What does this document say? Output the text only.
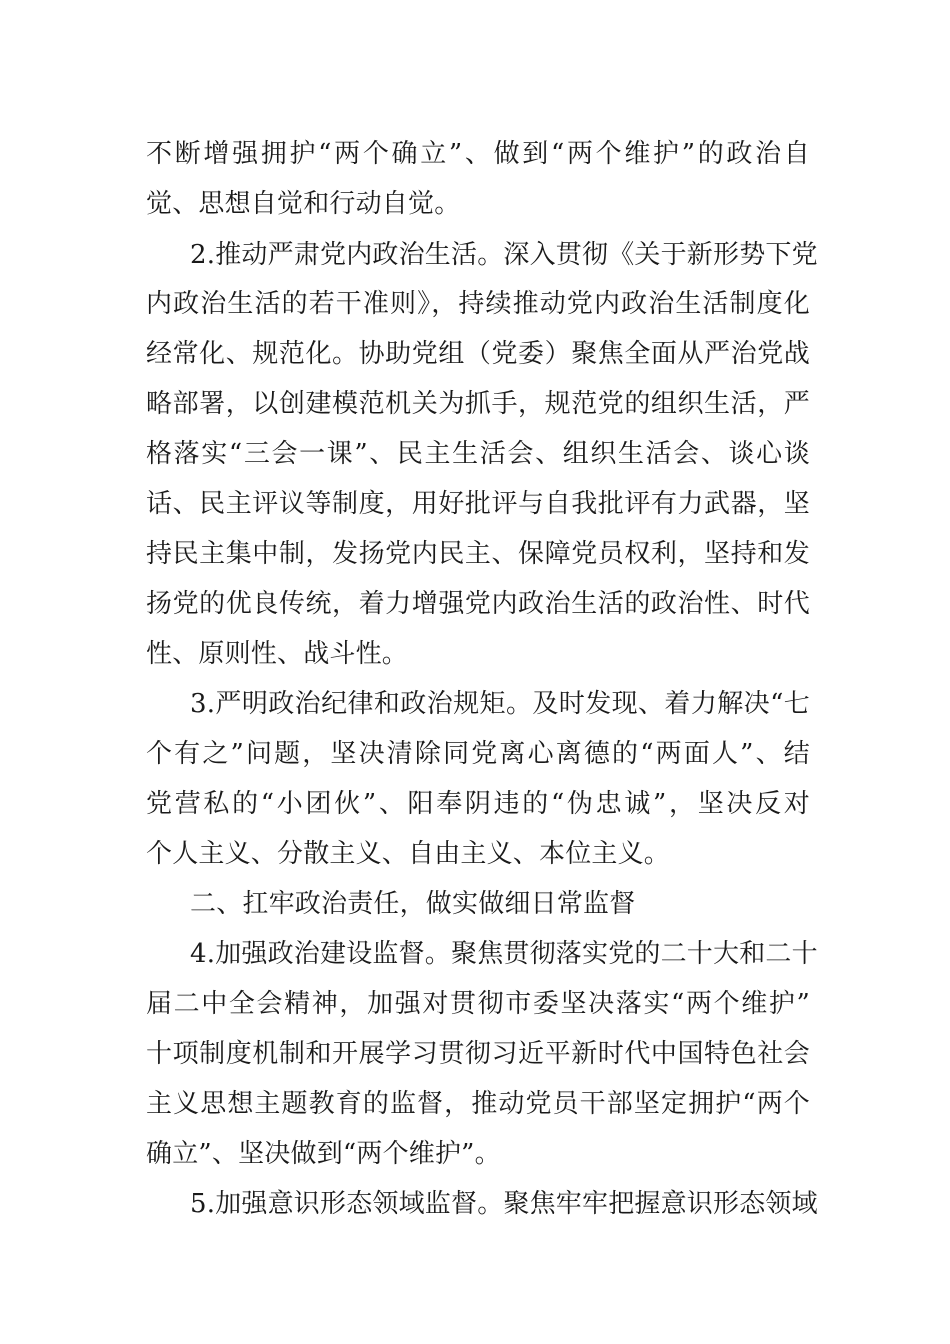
不断增强拥护“两个确立”、做到“两个维护”的政治自
觉、思想自觉和行动自觉。
2.推动严肃党内政治生活。深入贯彻《关于新形势下党
内政治生活的若干准则》，持续推动党内政治生活制度化
经常化、规范化。协助党组（党委）聚焦全面从严治党战
略部署，以创建模范机关为抓手，规范党的组织生活，严
格落实“三会一课”、民主生活会、组织生活会、谈心谈
话、民主评议等制度，用好批评与自我批评有力武器，坚
持民主集中制，发扬党内民主、保障党员权利，坚持和发
扬党的优良传统，着力增强党内政治生活的政治性、时代
性、原则性、战斗性。
3.严明政治纪律和政治规矩。及时发现、着力解决“七
个有之”问题，坚决清除同党离心离德的“两面人”、结
党营私的“小团伙”、阳奉阴违的“伪忠诚”，坚决反对
个人主义、分散主义、自由主义、本位主义。
二、扛牢政治责任，做实做细日常监督
4.加强政治建设监督。聚焦贯彻落实党的二十大和二十
届二中全会精神，加强对贯彻市委坚决落实“两个维护”
十项制度机制和开展学习贯彻习近平新时代中国特色社会
主义思想主题教育的监督，推动党员干部坚定拥护“两个
确立”、坚决做到“两个维护”。
5.加强意识形态领域监督。聚焦牢牢把握意识形态领域
